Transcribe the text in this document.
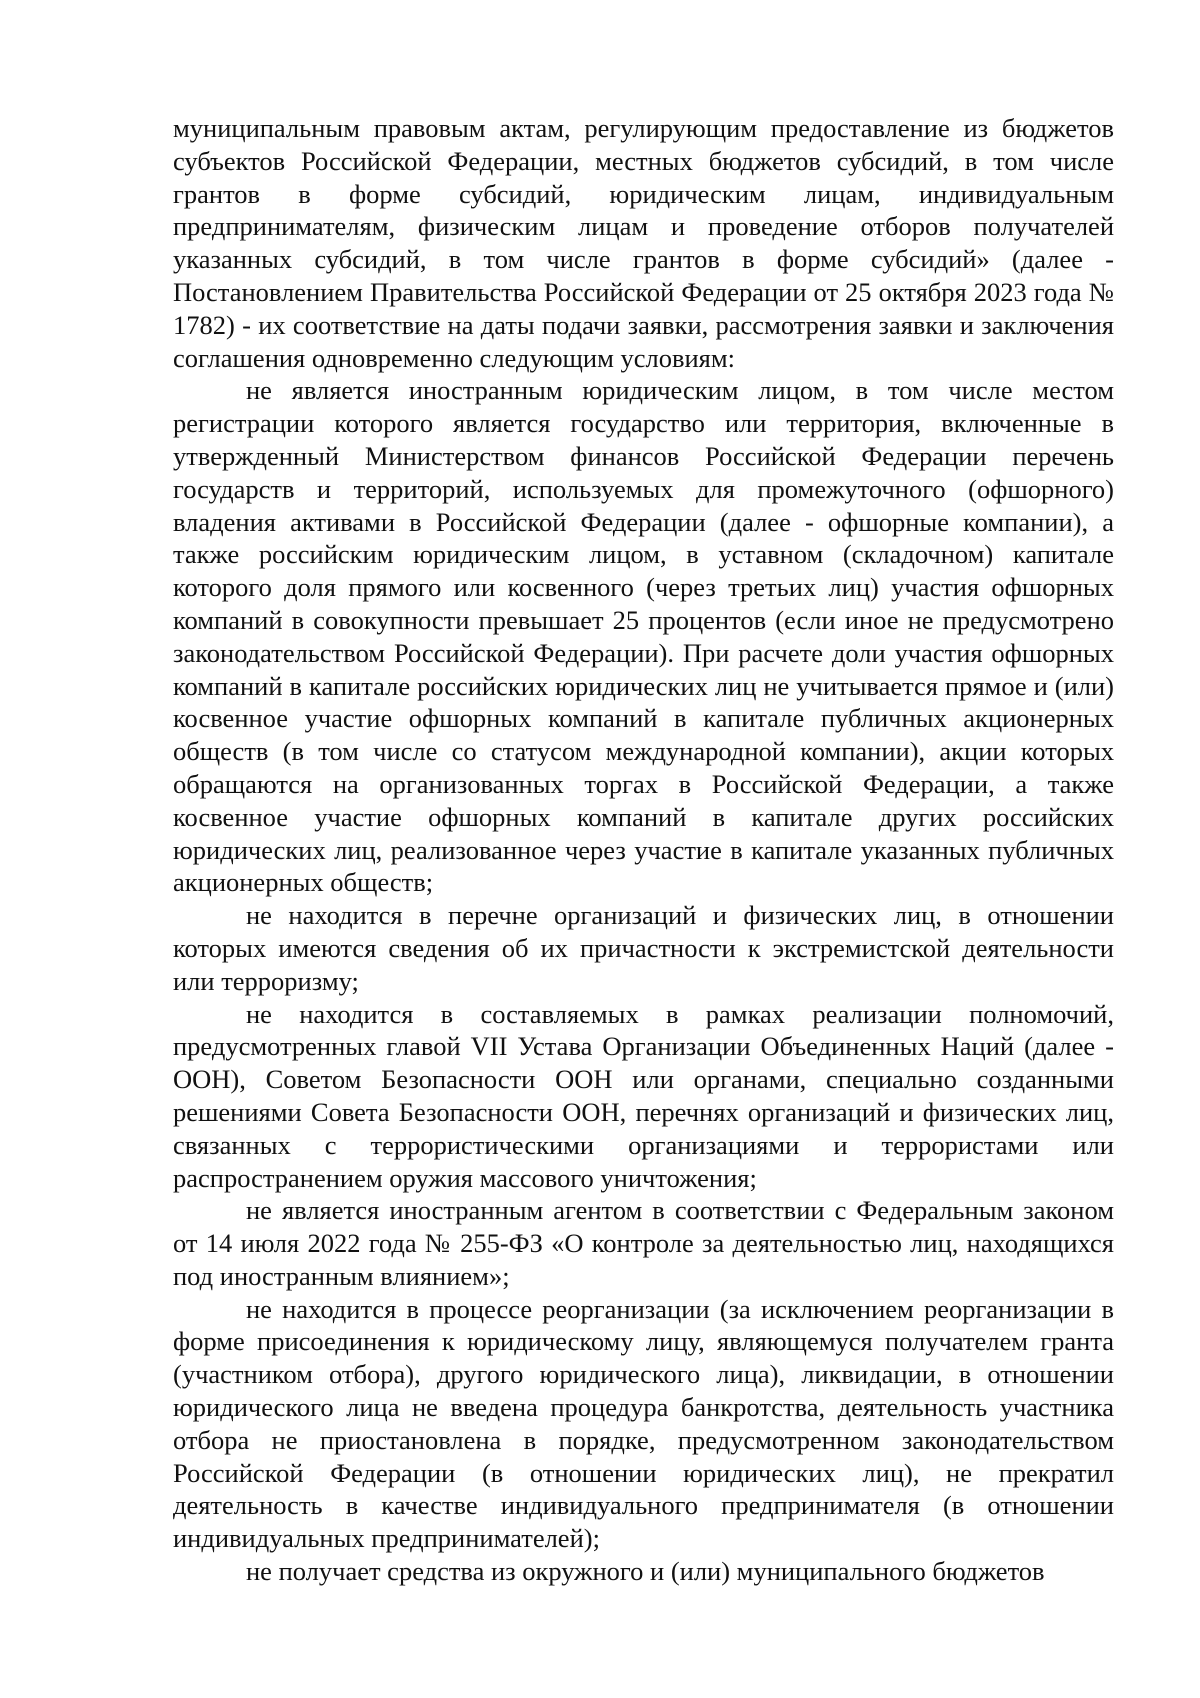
муниципальным правовым актам, регулирующим предоставление из бюджетов субъектов Российской Федерации, местных бюджетов субсидий, в том числе грантов в форме субсидий, юридическим лицам, индивидуальным предпринимателям, физическим лицам и проведение отборов получателей указанных субсидий, в том числе грантов в форме субсидий» (далее - Постановлением Правительства Российской Федерации от 25 октября 2023 года № 1782) - их соответствие на даты подачи заявки, рассмотрения заявки и заключения соглашения одновременно следующим условиям:

не является иностранным юридическим лицом, в том числе местом регистрации которого является государство или территория, включенные в утвержденный Министерством финансов Российской Федерации перечень государств и территорий, используемых для промежуточного (офшорного) владения активами в Российской Федерации (далее - офшорные компании), а также российским юридическим лицом, в уставном (складочном) капитале которого доля прямого или косвенного (через третьих лиц) участия офшорных компаний в совокупности превышает 25 процентов (если иное не предусмотрено законодательством Российской Федерации). При расчете доли участия офшорных компаний в капитале российских юридических лиц не учитывается прямое и (или) косвенное участие офшорных компаний в капитале публичных акционерных обществ (в том числе со статусом международной компании), акции которых обращаются на организованных торгах в Российской Федерации, а также косвенное участие офшорных компаний в капитале других российских юридических лиц, реализованное через участие в капитале указанных публичных акционерных обществ;

не находится в перечне организаций и физических лиц, в отношении которых имеются сведения об их причастности к экстремистской деятельности или терроризму;

не находится в составляемых в рамках реализации полномочий, предусмотренных главой VII Устава Организации Объединенных Наций (далее - ООН), Советом Безопасности ООН или органами, специально созданными решениями Совета Безопасности ООН, перечнях организаций и физических лиц, связанных с террористическими организациями и террористами или распространением оружия массового уничтожения;

не является иностранным агентом в соответствии с Федеральным законом от 14 июля 2022 года № 255-ФЗ «О контроле за деятельностью лиц, находящихся под иностранным влиянием»;

не находится в процессе реорганизации (за исключением реорганизации в форме присоединения к юридическому лицу, являющемуся получателем гранта (участником отбора), другого юридического лица), ликвидации, в отношении юридического лица не введена процедура банкротства, деятельность участника отбора не приостановлена в порядке, предусмотренном законодательством Российской Федерации (в отношении юридических лиц), не прекратил деятельность в качестве индивидуального предпринимателя (в отношении индивидуальных предпринимателей);

не получает средства из окружного и (или) муниципального бюджетов
